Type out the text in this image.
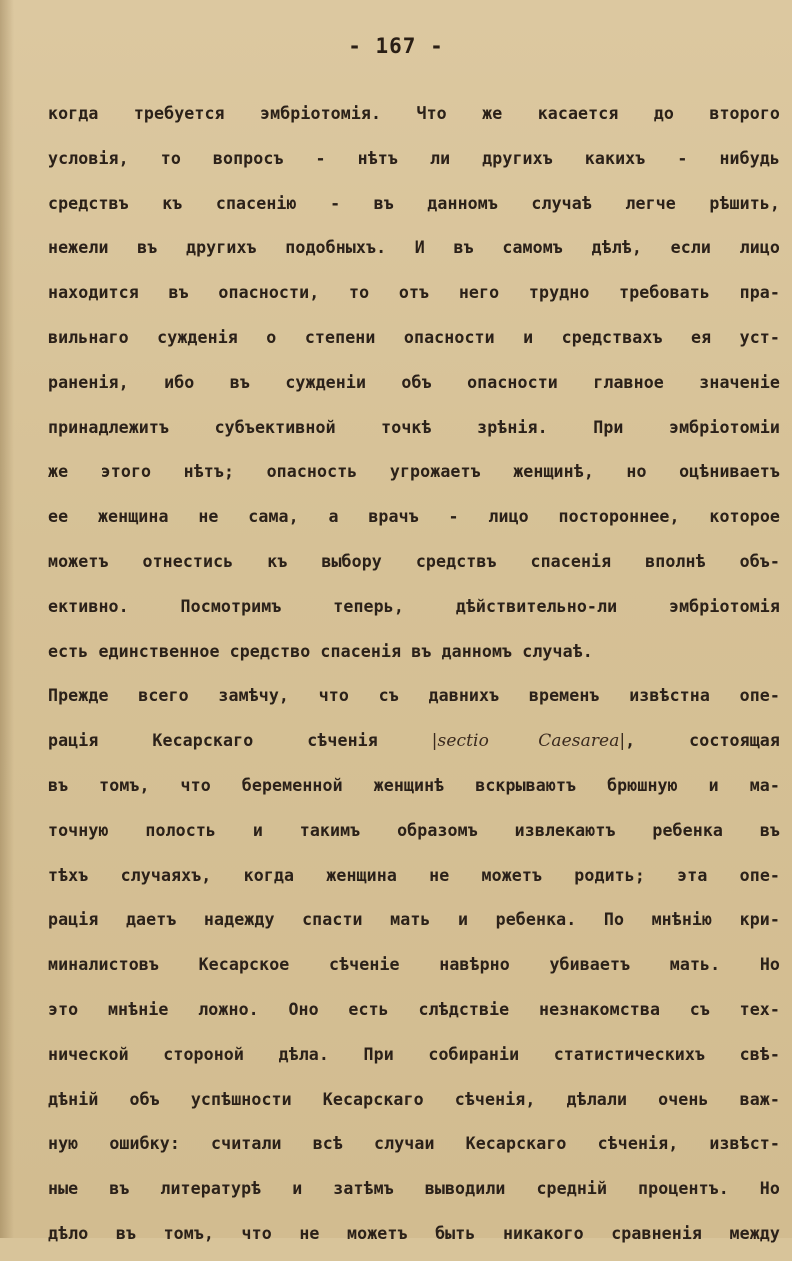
- 167 -
когда требуется эмбріотомія. Что же касается до второго
условія, то вопросъ - нѣтъ ли другихъ какихъ - нибудь
средствъ къ спасенію - въ данномъ случаѣ легче рѣшить,
нежели въ другихъ подобныхъ. И въ самомъ дѣлѣ, если лицо
находится въ опасности, то отъ него трудно требовать пра-
вильнаго сужденія о степени опасности и средствахъ ея уст-
раненія, ибо въ сужденіи объ опасности главное значеніе
принадлежитъ субъективной точкѣ зрѣнія. При эмбріотоміи
же этого нѣтъ; опасность угрожаетъ женщинѣ, но оцѣниваетъ
ее женщина не сама, а врачъ - лицо постороннее, которое
можетъ отнестись къ выбору средствъ спасенія вполнѣ объ-
ективно. Посмотримъ теперь, дѣйствительно-ли эмбріотомія
есть единственное средство спасенія въ данномъ случаѣ.
Прежде всего замѣчу, что съ давнихъ временъ извѣстна опе-
рація Кесарскаго сѣченія |sectio Caesarea|, состоящая
въ томъ, что беременной женщинѣ вскрываютъ брюшную и ма-
точную полость и такимъ образомъ извлекаютъ ребенка въ
тѣхъ случаяхъ, когда женщина не можетъ родить; эта опе-
рація даетъ надежду спасти мать и ребенка. По мнѣнію кри-
миналистовъ Кесарское сѣченіе навѣрно убиваетъ мать. Но
это мнѣніе ложно. Оно есть слѣдствіе незнакомства съ тех-
нической стороной дѣла. При собираніи статистическихъ свѣ-
дѣній объ успѣшности Кесарскаго сѣченія, дѣлали очень важ-
ную ошибку: считали всѣ случаи Кесарскаго сѣченія, извѣст-
ные въ литературѣ и затѣмъ выводили средній процентъ. Но
дѣло въ томъ, что не можетъ быть никакого сравненія между
